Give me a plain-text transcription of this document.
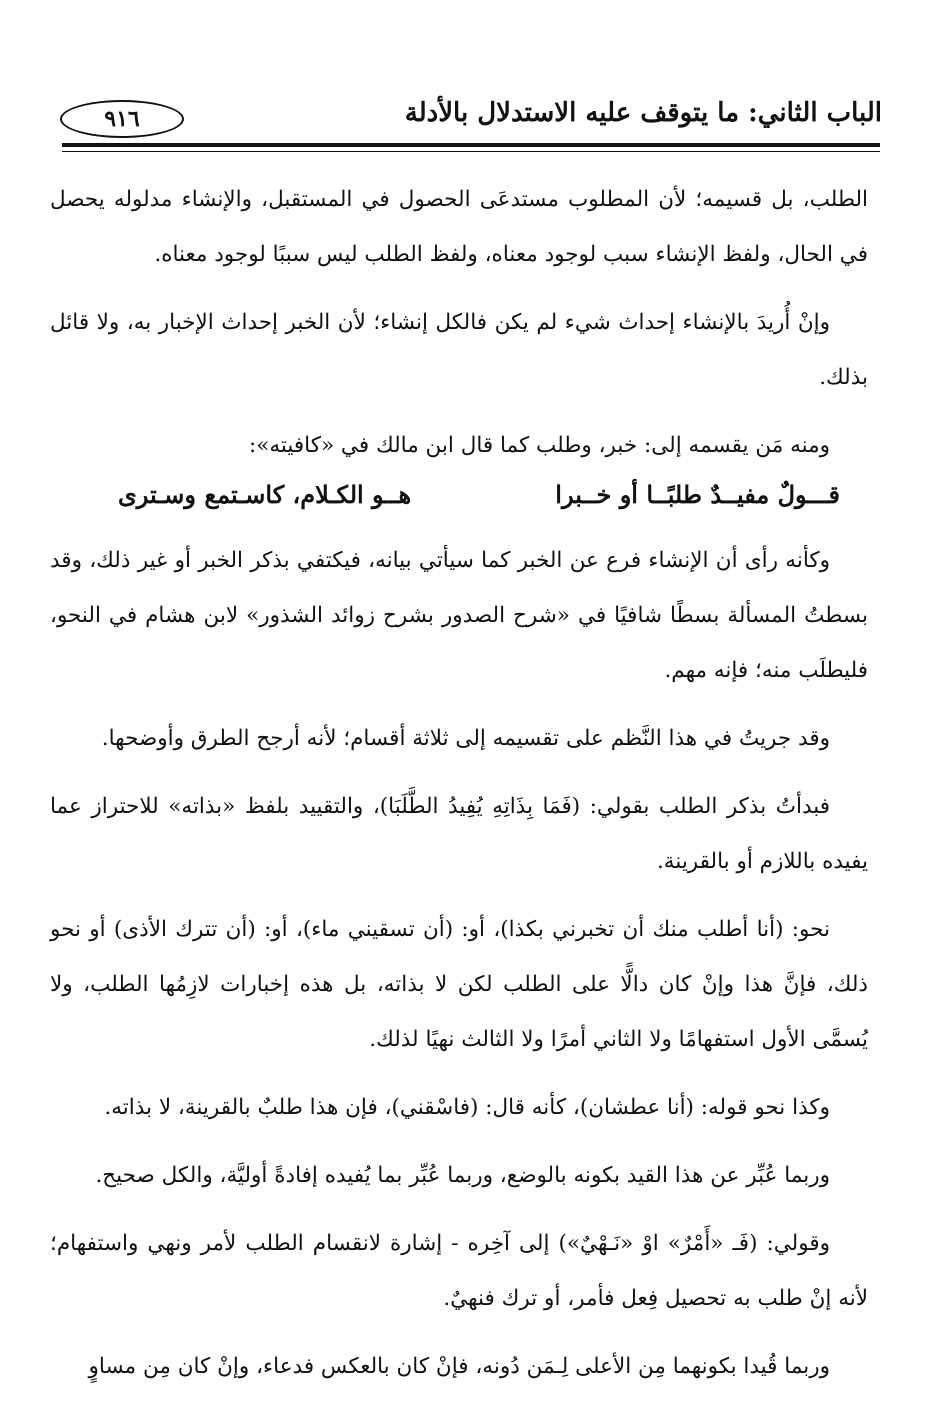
٩١٦	الباب الثاني: ما يتوقف عليه الاستدلال بالأدلة

الطلب، بل قسيمه؛ لأن المطلوب مستدعَى الحصول في المستقبل، والإنشاء مدلوله يحصل في الحال، ولفظ الإنشاء سبب لوجود معناه، ولفظ الطلب ليس سببًا لوجود معناه.

وإنْ أُريدَ بالإنشاء إحداث شيء لم يكن فالكل إنشاء؛ لأن الخبر إحداث الإخبار به، ولا قائل بذلك.

ومنه مَن يقسمه إلى: خبر، وطلب كما قال ابن مالك في «كافيته»:

قـــولٌ مفيــدٌ طلبًــا أو خــبرا
هــو الكـلام، كاسـتمع وسـترى

وكأنه رأى أن الإنشاء فرع عن الخبر كما سيأتي بيانه، فيكتفي بذكر الخبر أو غير ذلك، وقد بسطتُ المسألة بسطًا شافيًا في «شرح الصدور بشرح زوائد الشذور» لابن هشام في النحو، فليطلَب منه؛ فإنه مهم.

وقد جريتُ في هذا النَّظم على تقسيمه إلى ثلاثة أقسام؛ لأنه أرجح الطرق وأوضحها.

فبدأتُ بذكر الطلب بقولي: (فَمَا بِذَاتِهِ يُفِيدُ الطَّلَبَا)، والتقييد بلفظ «بذاته» للاحتراز عما يفيده باللازم أو بالقرينة.

نحو: (أنا أطلب منك أن تخبرني بكذا)، أو: (أن تسقيني ماء)، أو: (أن تترك الأذى) أو نحو ذلك، فإنَّ هذا وإنْ كان دالًّا على الطلب لكن لا بذاته، بل هذه إخبارات لازِمُها الطلب، ولا يُسمَّى الأول استفهامًا ولا الثاني أمرًا ولا الثالث نهيًا لذلك.

وكذا نحو قوله: (أنا عطشان)، كأنه قال: (فاسْقني)، فإن هذا طلبٌ بالقرينة، لا بذاته.

وربما عُبِّر عن هذا القيد بكونه بالوضع، وربما عُبِّر بما يُفيده إفادةً أوليَّة، والكل صحيح.

وقولي: (فَـ «أَمْرٌ» اوْ «نَـهْيٌ») إلى آخِره - إشارة لانقسام الطلب لأمر ونهي واستفهام؛ لأنه إنْ طلب به تحصيل فِعل فأمر، أو ترك فنهيٌ.

وربما قُيدا بكونهما مِن الأعلى لِـمَن دُونه، فإنْ كان بالعكس فدعاء، وإنْ كان مِن مساوٍ
